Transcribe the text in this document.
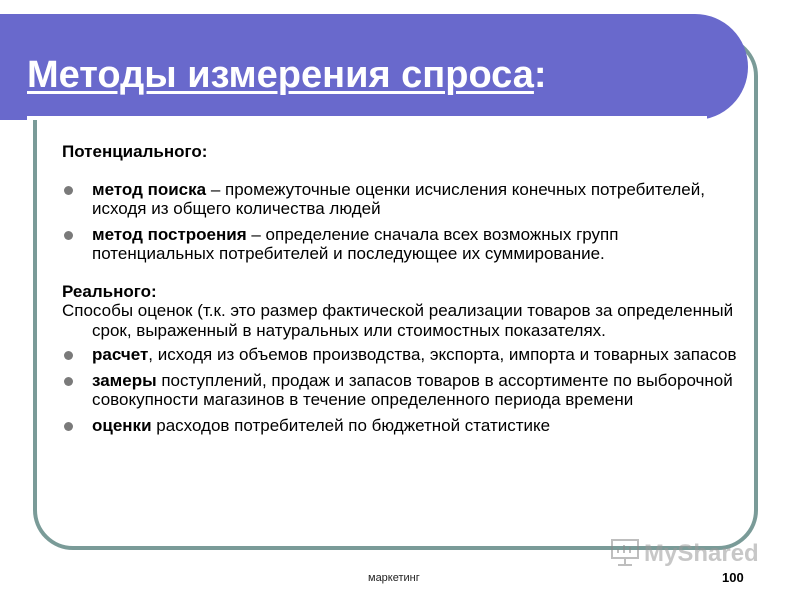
Методы измерения спроса:

Потенциального:

метод поиска – промежуточные оценки исчисления конечных потребителей, исходя из общего количества людей
метод построения – определение сначала всех возможных групп потенциальных потребителей и последующее их суммирование.

Реального:

Способы оценок (т.к. это размер фактической реализации товаров за определенный срок, выраженный в натуральных или стоимостных показателях.

расчет, исходя из объемов производства, экспорта, импорта и товарных запасов
замеры поступлений, продаж и запасов товаров в ассортименте по выборочной совокупности магазинов в течение определенного периода времени
оценки расходов потребителей по бюджетной статистике
MyShared
маркетинг	100
